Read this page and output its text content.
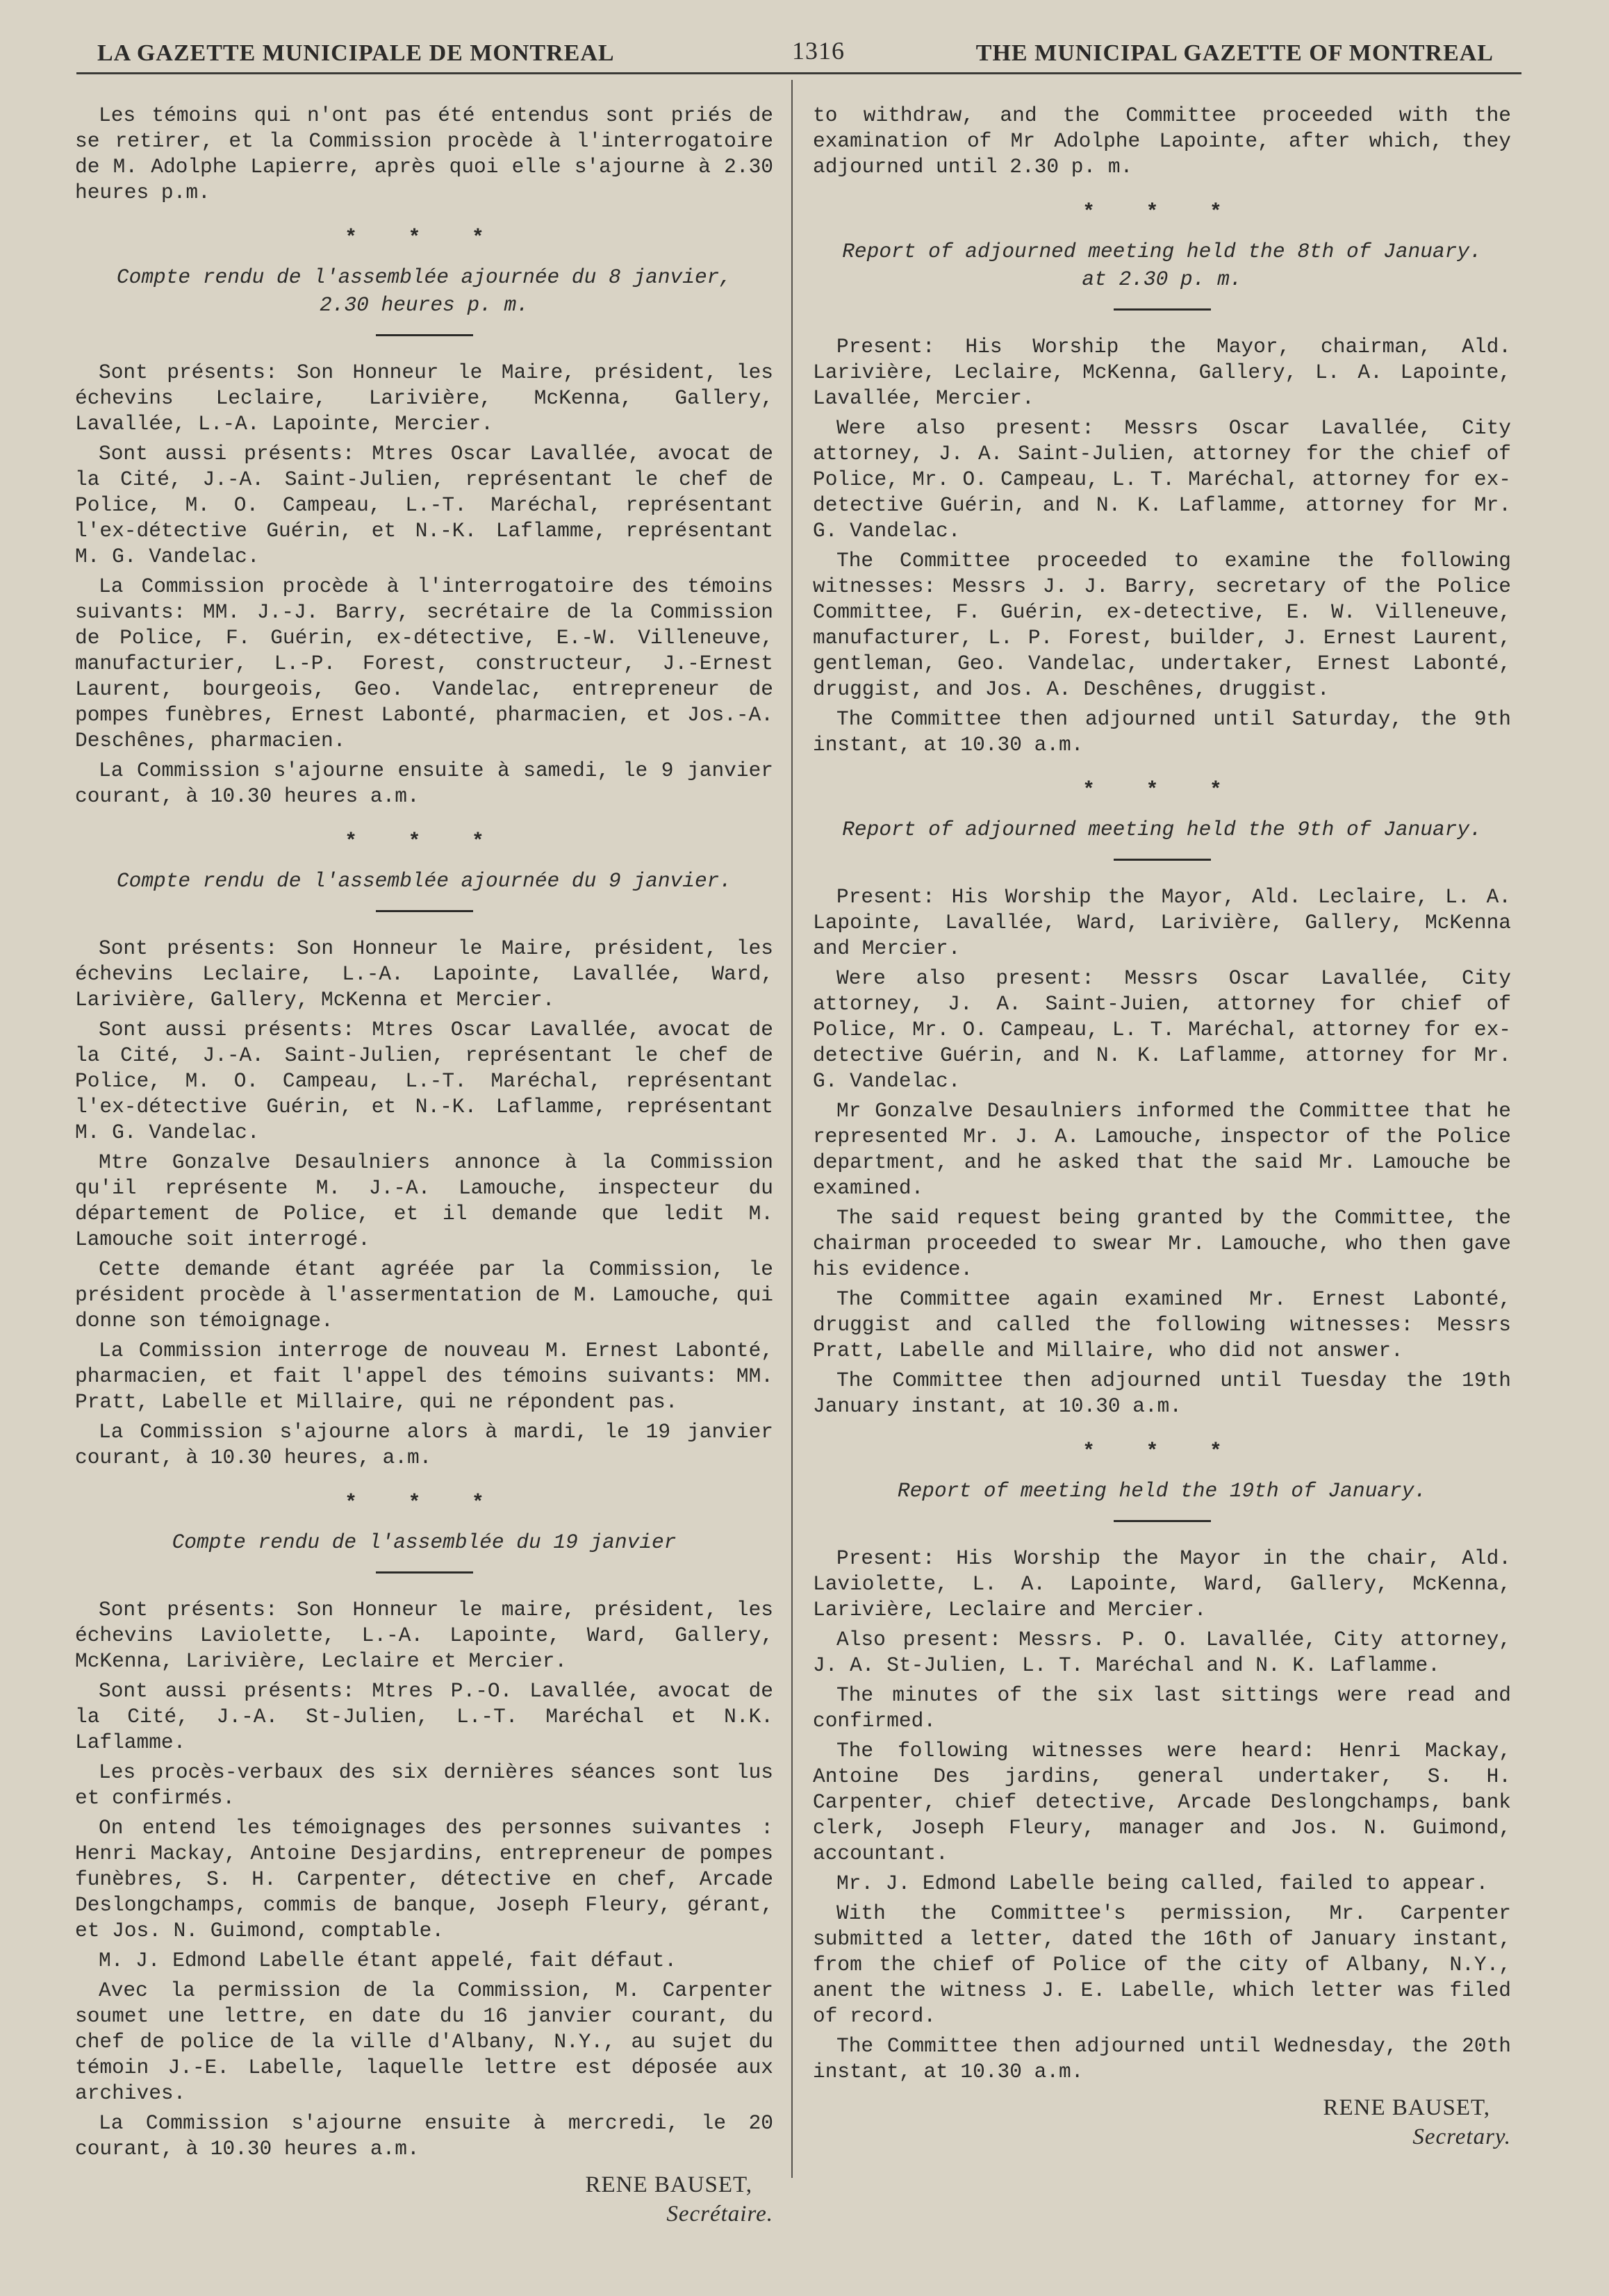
LA GAZETTE MUNICIPALE DE MONTREAL	1316	THE MUNICIPAL GAZETTE OF MONTREAL

Les témoins qui n'ont pas été entendus sont priés de se retirer, et la Commission procède à l'interrogatoire de M. Adolphe Lapierre, après quoi elle s'ajourne à 2.30 heures p.m.

* * *
Compte rendu de l'assemblée ajournée du 8 janvier, 2.30 heures p. m.

Sont présents: Son Honneur le Maire, président, les échevins Leclaire, Larivière, McKenna, Gallery, Lavallée, L.-A. Lapointe, Mercier.

Sont aussi présents: Mtres Oscar Lavallée, avocat de la Cité, J.-A. Saint-Julien, représentant le chef de Police, M. O. Campeau, L.-T. Maréchal, représentant l'ex-détective Guérin, et N.-K. Laflamme, représentant M. G. Vandelac.

La Commission procède à l'interrogatoire des témoins suivants: MM. J.-J. Barry, secrétaire de la Commission de Police, F. Guérin, ex-détective, E.-W. Villeneuve, manufacturier, L.-P. Forest, constructeur, J.-Ernest Laurent, bourgeois, Geo. Vandelac, entrepreneur de pompes funèbres, Ernest Labonté, pharmacien, et Jos.-A. Deschênes, pharmacien.

La Commission s'ajourne ensuite à samedi, le 9 janvier courant, à 10.30 heures a.m.

* * *
Compte rendu de l'assemblée ajournée du 9 janvier.

Sont présents: Son Honneur le Maire, président, les échevins Leclaire, L.-A. Lapointe, Lavallée, Ward, Larivière, Gallery, McKenna et Mercier.

Sont aussi présents: Mtres Oscar Lavallée, avocat de la Cité, J.-A. Saint-Julien, représentant le chef de Police, M. O. Campeau, L.-T. Maréchal, représentant l'ex-détective Guérin, et N.-K. Laflamme, représentant M. G. Vandelac.

Mtre Gonzalve Desaulniers annonce à la Commission qu'il représente M. J.-A. Lamouche, inspecteur du département de Police, et il demande que ledit M. Lamouche soit interrogé.

Cette demande étant agréée par la Commission, le président procède à l'assermentation de M. Lamouche, qui donne son témoignage.

La Commission interroge de nouveau M. Ernest Labonté, pharmacien, et fait l'appel des témoins suivants: MM. Pratt, Labelle et Millaire, qui ne répondent pas.

La Commission s'ajourne alors à mardi, le 19 janvier courant, à 10.30 heures, a.m.

* * *
Compte rendu de l'assemblée du 19 janvier

Sont présents: Son Honneur le maire, président, les échevins Laviolette, L.-A. Lapointe, Ward, Gallery, McKenna, Larivière, Leclaire et Mercier.

Sont aussi présents: Mtres P.-O. Lavallée, avocat de la Cité, J.-A. St-Julien, L.-T. Maréchal et N.K. Laflamme.

Les procès-verbaux des six dernières séances sont lus et confirmés.

On entend les témoignages des personnes suivantes : Henri Mackay, Antoine Desjardins, entrepreneur de pompes funèbres, S. H. Carpenter, détective en chef, Arcade Deslongchamps, commis de banque, Joseph Fleury, gérant, et Jos. N. Guimond, comptable.

M. J. Edmond Labelle étant appelé, fait défaut.

Avec la permission de la Commission, M. Carpenter soumet une lettre, en date du 16 janvier courant, du chef de police de la ville d'Albany, N.Y., au sujet du témoin J.-E. Labelle, laquelle lettre est déposée aux archives.

La Commission s'ajourne ensuite à mercredi, le 20 courant, à 10.30 heures a.m.

RENE BAUSET,
Secrétaire.

to withdraw, and the Committee proceeded with the examination of Mr Adolphe Lapointe, after which, they adjourned until 2.30 p. m.

* * *
Report of adjourned meeting held the 8th of January. at 2.30 p. m.

Present: His Worship the Mayor, chairman, Ald. Larivière, Leclaire, McKenna, Gallery, L. A. Lapointe, Lavallée, Mercier.

Were also present: Messrs Oscar Lavallée, City attorney, J. A. Saint-Julien, attorney for the chief of Police, Mr. O. Campeau, L. T. Maréchal, attorney for ex-detective Guérin, and N. K. Laflamme, attorney for Mr. G. Vandelac.

The Committee proceeded to examine the following witnesses: Messrs J. J. Barry, secretary of the Police Committee, F. Guérin, ex-detective, E. W. Villeneuve, manufacturer, L. P. Forest, builder, J. Ernest Laurent, gentleman, Geo. Vandelac, undertaker, Ernest Labonté, druggist, and Jos. A. Deschênes, druggist.

The Committee then adjourned until Saturday, the 9th instant, at 10.30 a.m.

* * *
Report of adjourned meeting held the 9th of January.

Present: His Worship the Mayor, Ald. Leclaire, L. A. Lapointe, Lavallée, Ward, Larivière, Gallery, McKenna and Mercier.

Were also present: Messrs Oscar Lavallée, City attorney, J. A. Saint-Juien, attorney for chief of Police, Mr. O. Campeau, L. T. Maréchal, attorney for ex-detective Guérin, and N. K. Laflamme, attorney for Mr. G. Vandelac.

Mr Gonzalve Desaulniers informed the Committee that he represented Mr. J. A. Lamouche, inspector of the Police department, and he asked that the said Mr. Lamouche be examined.

The said request being granted by the Committee, the chairman proceeded to swear Mr. Lamouche, who then gave his evidence.

The Committee again examined Mr. Ernest Labonté, druggist and called the following witnesses: Messrs Pratt, Labelle and Millaire, who did not answer.

The Committee then adjourned until Tuesday the 19th January instant, at 10.30 a.m.

* * *
Report of meeting held the 19th of January.

Present: His Worship the Mayor in the chair, Ald. Laviolette, L. A. Lapointe, Ward, Gallery, McKenna, Larivière, Leclaire and Mercier.

Also present: Messrs. P. O. Lavallée, City attorney, J. A. St-Julien, L. T. Maréchal and N. K. Laflamme.

The minutes of the six last sittings were read and confirmed.

The following witnesses were heard: Henri Mackay, Antoine Des jardins, general undertaker, S. H. Carpenter, chief detective, Arcade Deslongchamps, bank clerk, Joseph Fleury, manager and Jos. N. Guimond, accountant.

Mr. J. Edmond Labelle being called, failed to appear.

With the Committee's permission, Mr. Carpenter submitted a letter, dated the 16th of January instant, from the chief of Police of the city of Albany, N.Y., anent the witness J. E. Labelle, which letter was filed of record.

The Committee then adjourned until Wednesday, the 20th instant, at 10.30 a.m.

RENE BAUSET,
Secretary.
